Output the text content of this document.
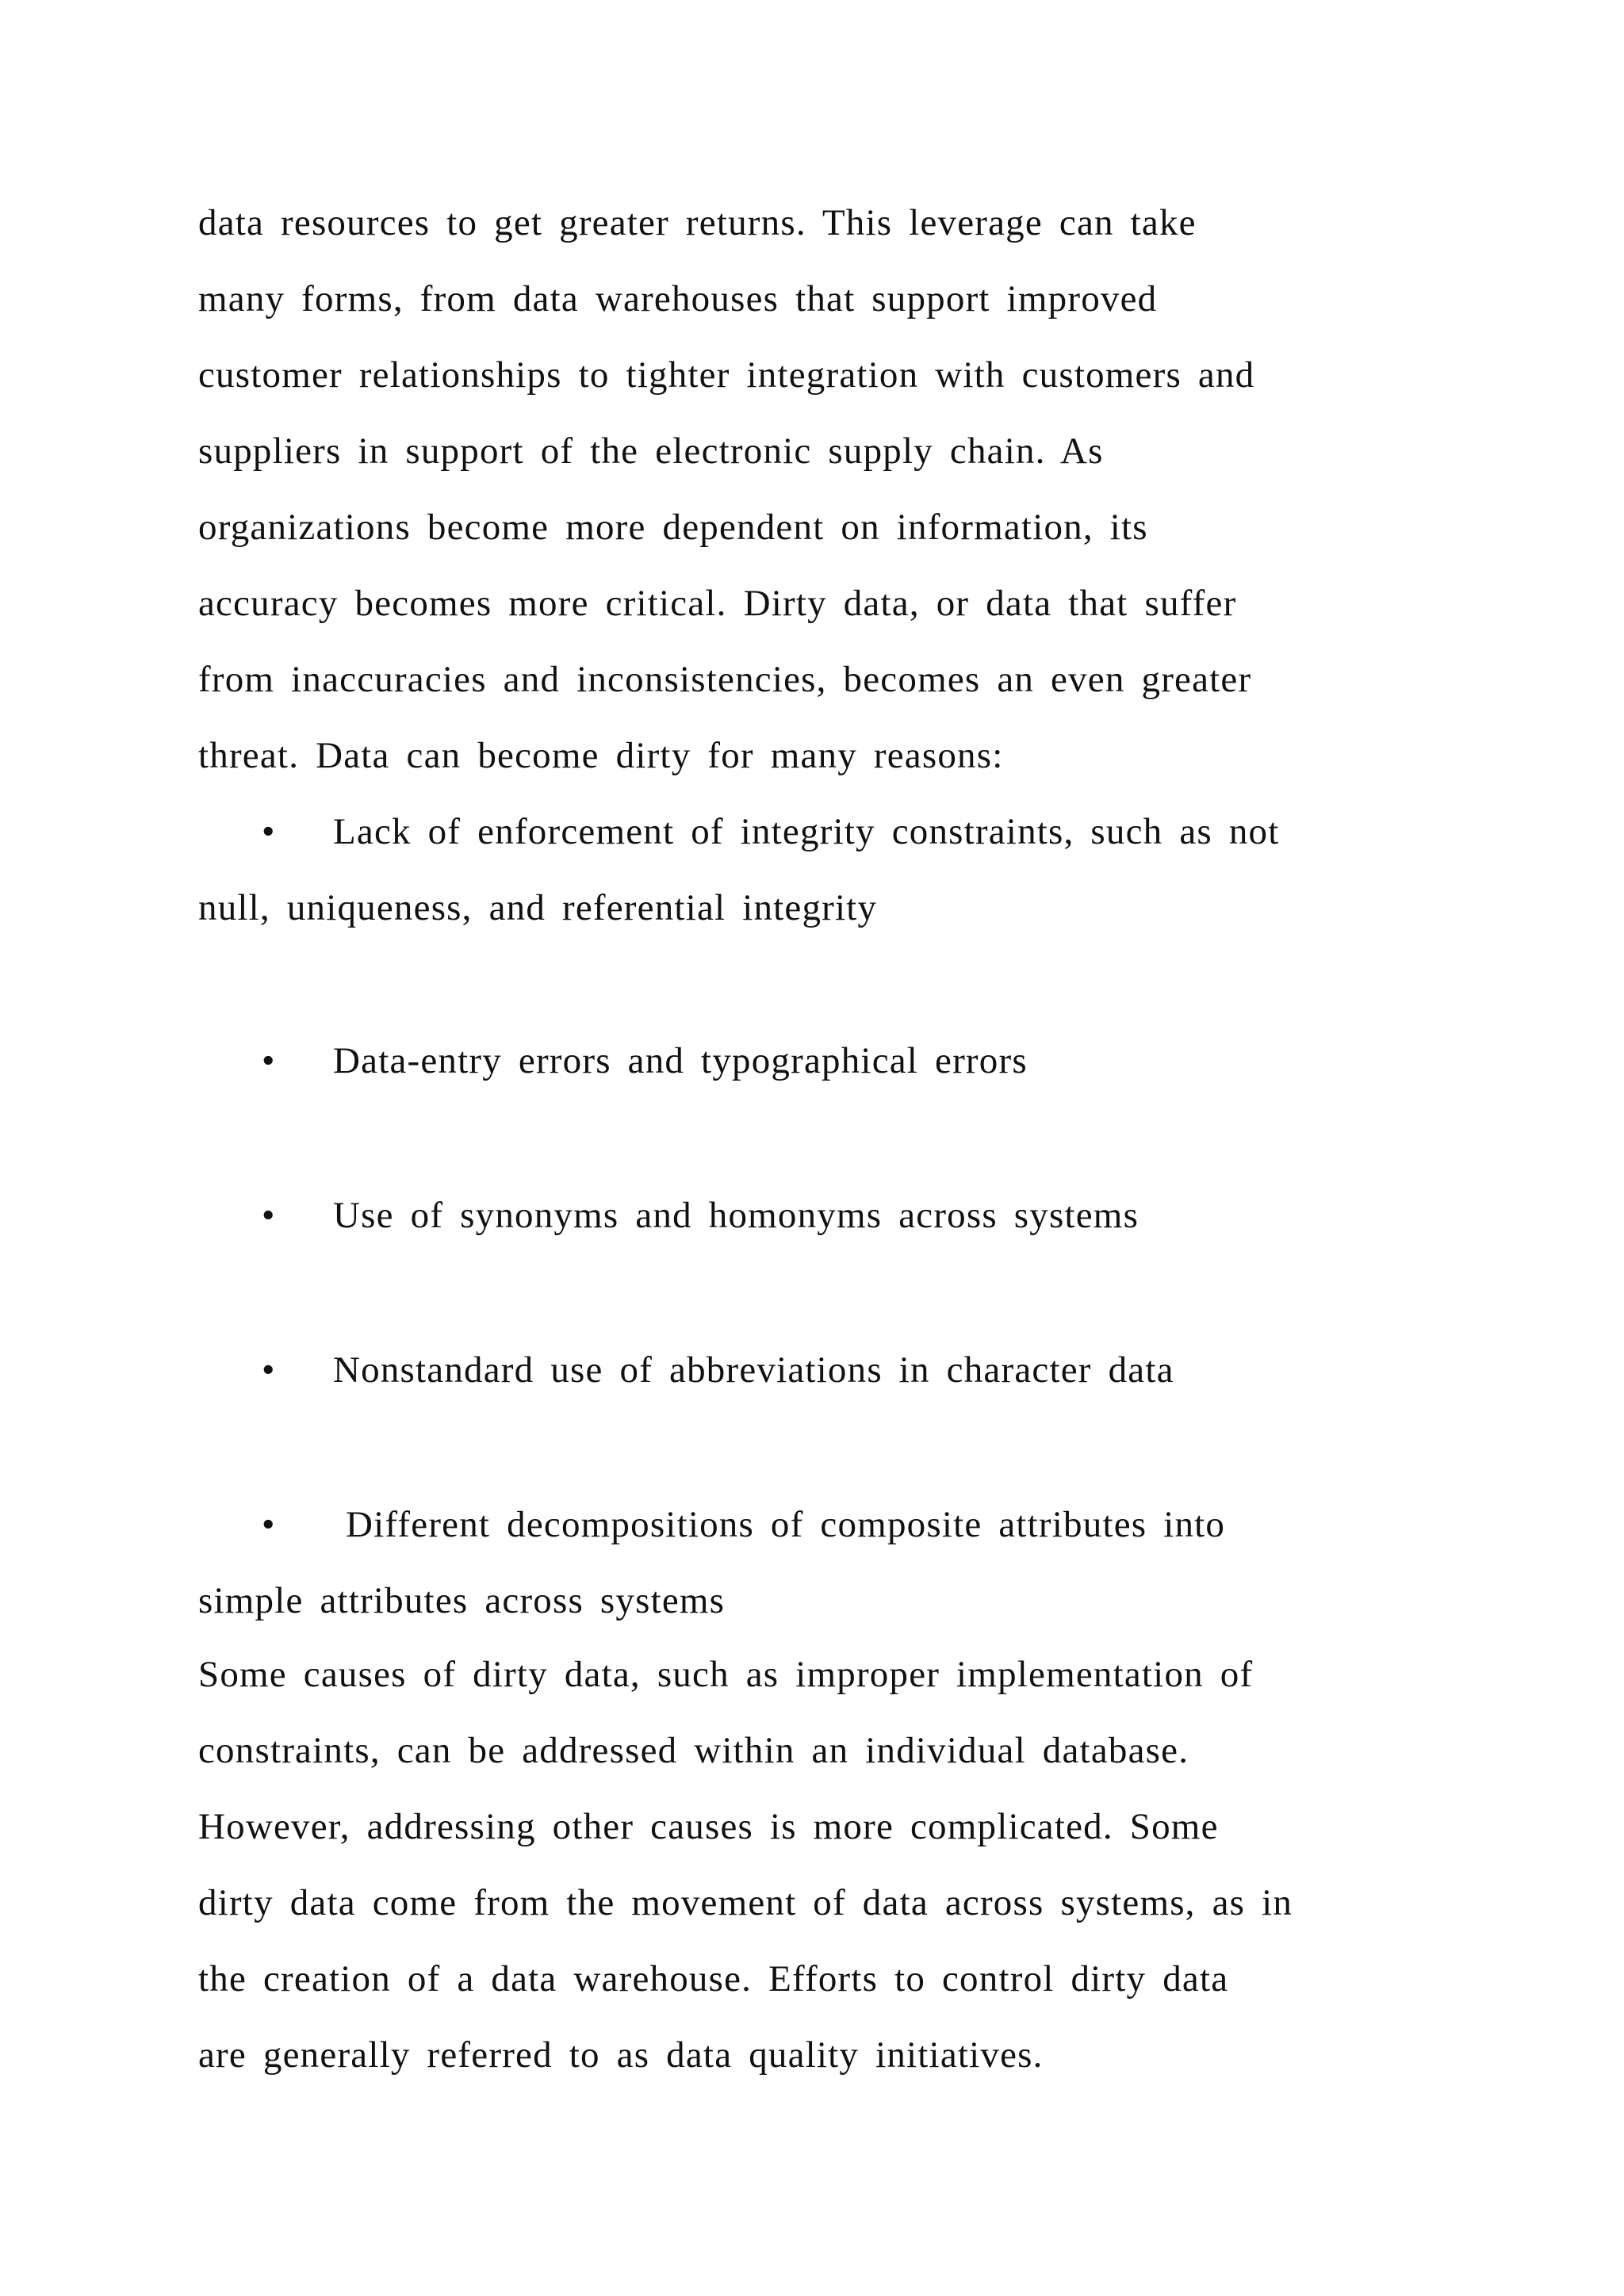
data resources to get greater returns. This leverage can take
many forms, from data warehouses that support improved
customer relationships to tighter integration with customers and
suppliers in support of the electronic supply chain. As
organizations become more dependent on information, its
accuracy becomes more critical. Dirty data, or data that suffer
from inaccuracies and inconsistencies, becomes an even greater
threat. Data can become dirty for many reasons:
• Lack of enforcement of integrity constraints, such as not
null, uniqueness, and referential integrity
• Data-entry errors and typographical errors
• Use of synonyms and homonyms across systems
• Nonstandard use of abbreviations in character data
• Different decompositions of composite attributes into
simple attributes across systems
Some causes of dirty data, such as improper implementation of
constraints, can be addressed within an individual database.
However, addressing other causes is more complicated. Some
dirty data come from the movement of data across systems, as in
the creation of a data warehouse. Efforts to control dirty data
are generally referred to as data quality initiatives.
